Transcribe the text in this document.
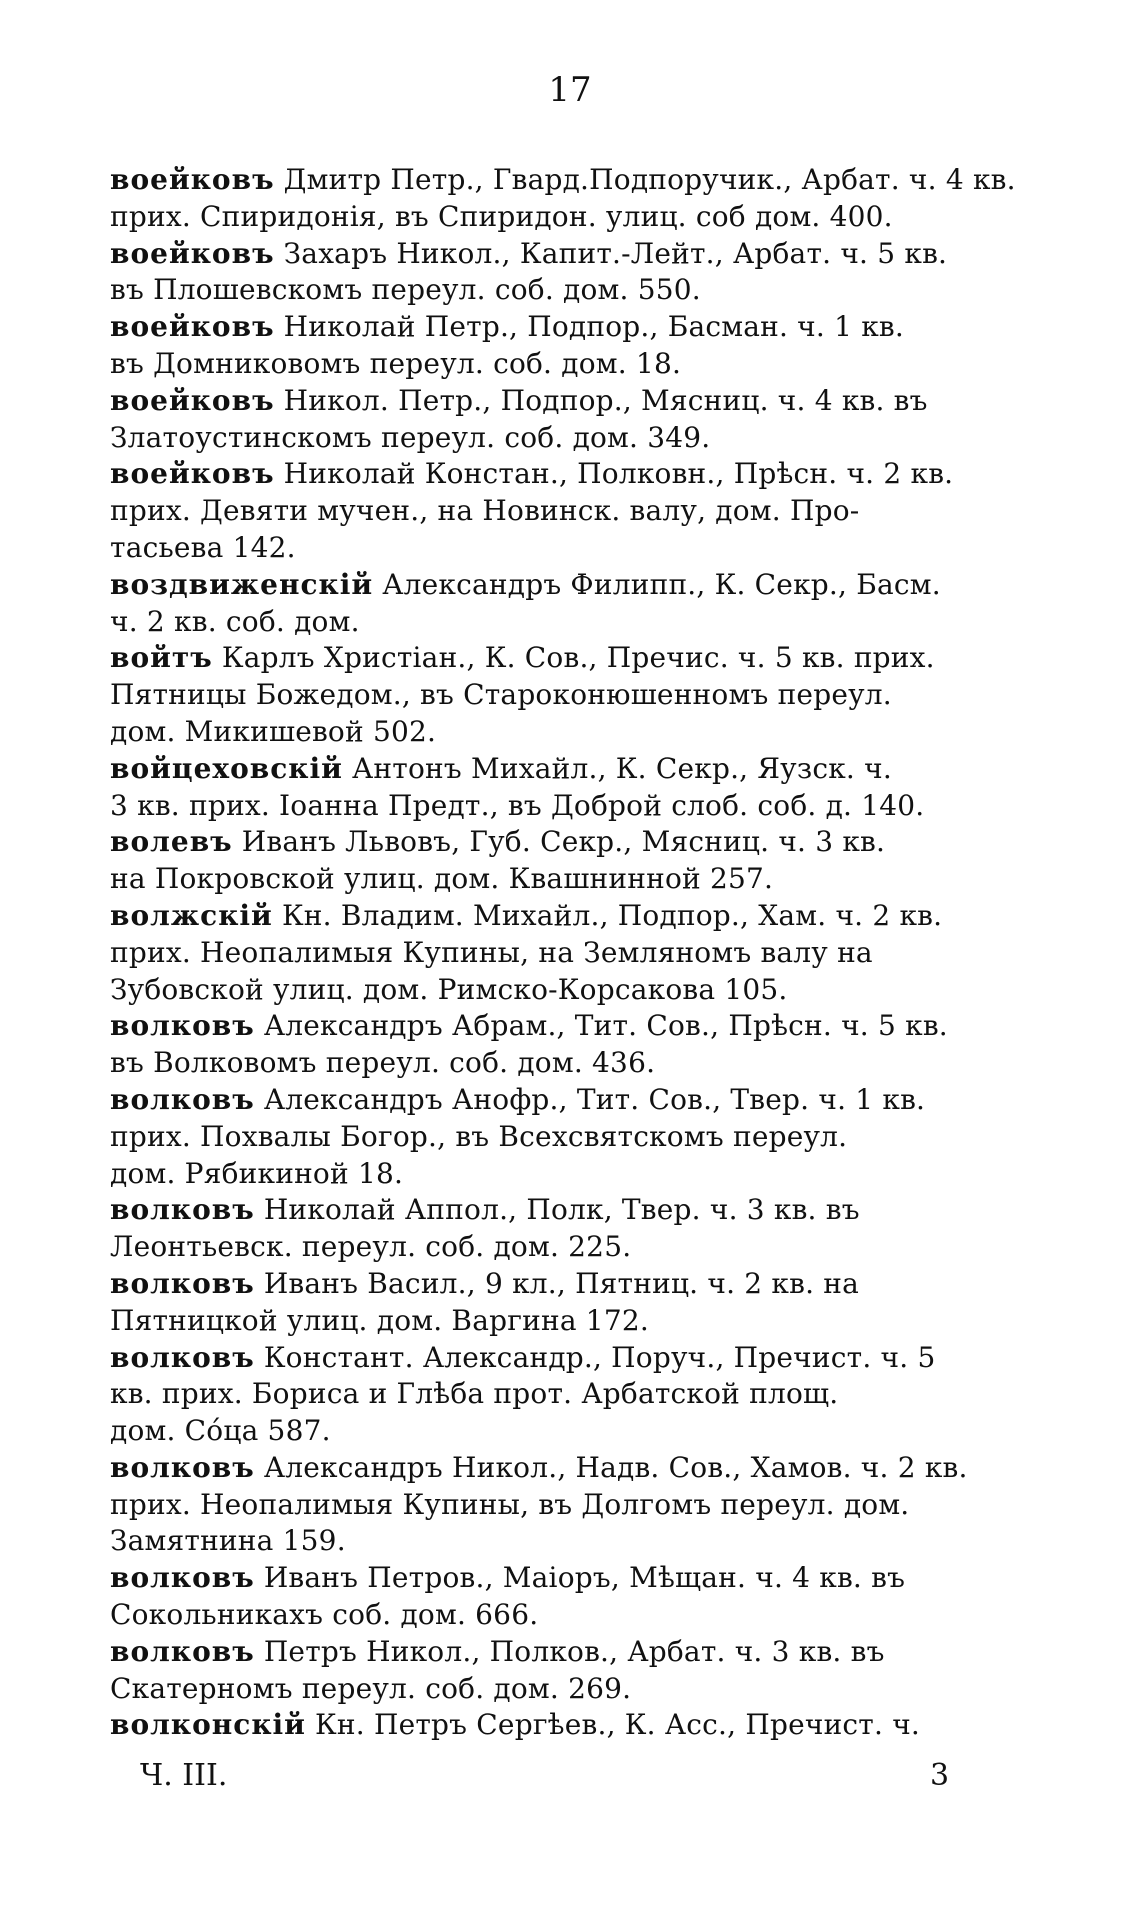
17
воейковъ Дмитр Петр., Гвард.Подпоручик., Арбат. ч. 4 кв.
прих. Спиридонія, въ Спиридон. улиц. соб дом. 400.
воейковъ Захаръ Никол., Капит.-Лейт., Арбат. ч. 5 кв.
въ Плошевскомъ переул. соб. дом. 550.
воейковъ Николай Петр., Подпор., Басман. ч. 1 кв.
въ Домниковомъ переул. соб. дом. 18.
воейковъ Никол. Петр., Подпор., Мясниц. ч. 4 кв. въ
Златоустинскомъ переул. соб. дом. 349.
воейковъ Николай Констан., Полковн., Прѣсн. ч. 2 кв.
прих. Девяти мучен., на Новинск. валу, дом. Про-
тасьева 142.
воздвиженскій Александръ Филипп., К. Секр., Басм.
ч. 2 кв. соб. дом.
войтъ Карлъ Христіан., К. Сов., Пречис. ч. 5 кв. прих.
Пятницы Божедом., въ Староконюшенномъ переул.
дом. Микишевой 502.
войцеховскій Антонъ Михайл., К. Секр., Яузск. ч.
3 кв. прих. Іоанна Предт., въ Доброй слоб. соб. д. 140.
волевъ Иванъ Львовъ, Губ. Секр., Мясниц. ч. 3 кв.
на Покровской улиц. дом. Квашнинной 257.
волжскій Кн. Владим. Михайл., Подпор., Хам. ч. 2 кв.
прих. Неопалимыя Купины, на Земляномъ валу на
Зубовской улиц. дом. Римско-Корсакова 105.
волковъ Александръ Абрам., Тит. Сов., Прѣсн. ч. 5 кв.
въ Волковомъ переул. соб. дом. 436.
волковъ Александръ Анофр., Тит. Сов., Твер. ч. 1 кв.
прих. Похвалы Богор., въ Всехсвятскомъ переул.
дом. Рябикиной 18.
волковъ Николай Аппол., Полк, Твер. ч. 3 кв. въ
Леонтьевск. переул. соб. дом. 225.
волковъ Иванъ Васил., 9 кл., Пятниц. ч. 2 кв. на
Пятницкой улиц. дом. Варгина 172.
волковъ Констант. Александр., Поруч., Пречист. ч. 5
кв. прих. Бориса и Глѣба прот. Арбатской площ.
дом. Сóца 587.
волковъ Александръ Никол., Надв. Сов., Хамов. ч. 2 кв.
прих. Неопалимыя Купины, въ Долгомъ переул. дом.
Замятнина 159.
волковъ Иванъ Петров., Маіоръ, Мѣщан. ч. 4 кв. въ
Сокольникахъ соб. дом. 666.
волковъ Петръ Никол., Полков., Арбат. ч. 3 кв. въ
Скатерномъ переул. соб. дом. 269.
волконскій Кн. Петръ Сергѣев., К. Асс., Пречист. ч.
Ч. III.	3
